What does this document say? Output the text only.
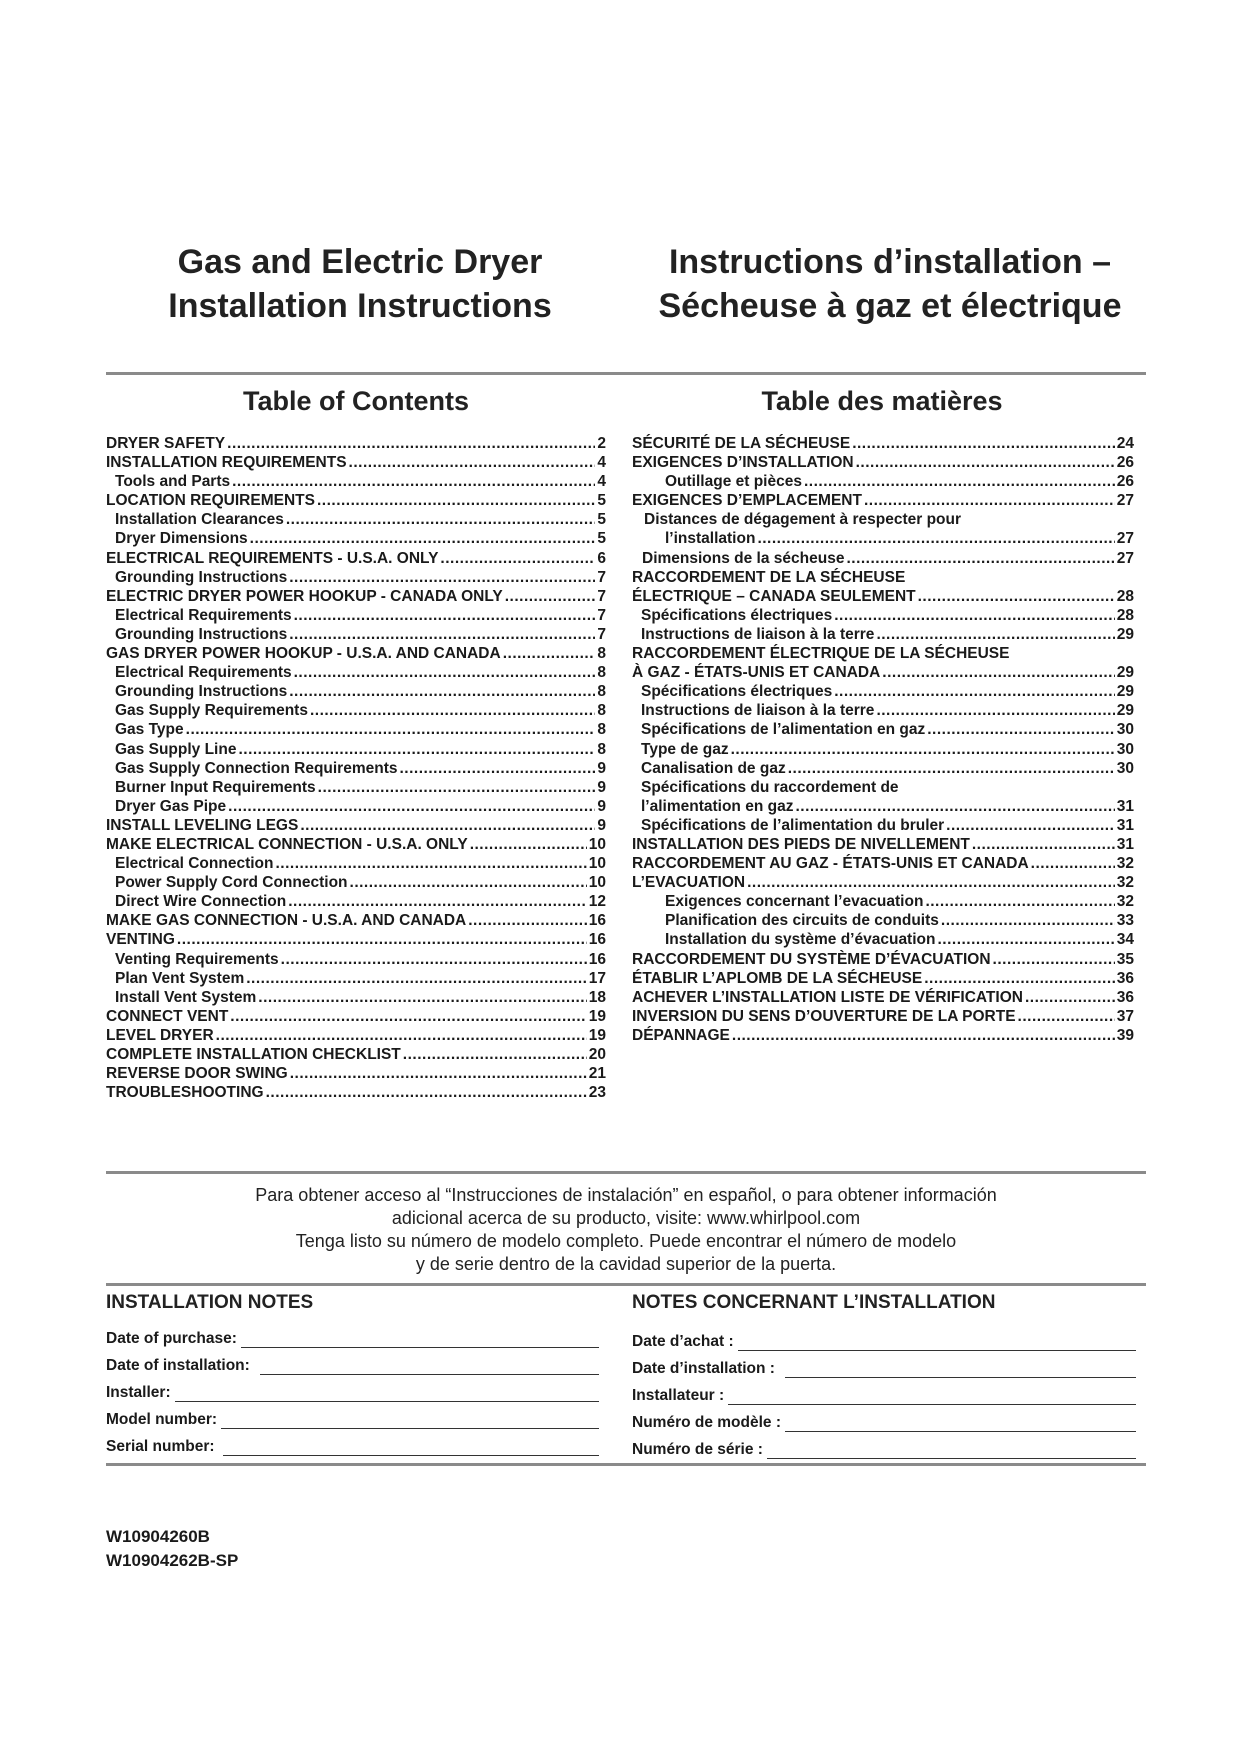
Gas and Electric Dryer
Installation Instructions
Instructions d’installation –
Sécheuse à gaz et électrique
Table of Contents	Table des matières
DRYER SAFETY .....	2
INSTALLATION REQUIREMENTS .....	4
Tools and Parts .....	4
LOCATION REQUIREMENTS .....	5
Installation Clearances .....	5
Dryer Dimensions .....	5
ELECTRICAL REQUIREMENTS - U.S.A. ONLY .....	6
Grounding Instructions .....	7
ELECTRIC DRYER POWER HOOKUP - CANADA ONLY .....	7
Electrical Requirements .....	7
Grounding Instructions .....	7
GAS DRYER POWER HOOKUP - U.S.A. AND CANADA .....	8
Electrical Requirements .....	8
Grounding Instructions .....	8
Gas Supply Requirements .....	8
Gas Type .....	8
Gas Supply Line .....	8
Gas Supply Connection Requirements .....	9
Burner Input Requirements .....	9
Dryer Gas Pipe .....	9
INSTALL LEVELING LEGS .....	9
MAKE ELECTRICAL CONNECTION - U.S.A. ONLY .....	10
Electrical Connection .....	10
Power Supply Cord Connection .....	10
Direct Wire Connection .....	12
MAKE GAS CONNECTION - U.S.A. AND CANADA .....	16
VENTING .....	16
Venting Requirements .....	16
Plan Vent System .....	17
Install Vent System .....	18
CONNECT VENT .....	19
LEVEL DRYER .....	19
COMPLETE INSTALLATION CHECKLIST .....	20
REVERSE DOOR SWING .....	21
TROUBLESHOOTING .....	23
SÉCURITÉ DE LA SÉCHEUSE .....	24
EXIGENCES D’INSTALLATION .....	26
Outillage et pièces .....	26
EXIGENCES D’EMPLACEMENT .....	27
Distances de dégagement à respecter pour
l’installation .....	27
Dimensions de la sécheuse .....	27
RACCORDEMENT DE LA SÉCHEUSE
ÉLECTRIQUE – CANADA SEULEMENT .....	28
Spécifications électriques .....	28
Instructions de liaison à la terre .....	29
RACCORDEMENT ÉLECTRIQUE DE LA SÉCHEUSE
À GAZ - ÉTATS-UNIS ET CANADA .....	29
Spécifications électriques .....	29
Instructions de liaison à la terre .....	29
Spécifications de l’alimentation en gaz .....	30
Type de gaz .....	30
Canalisation de gaz .....	30
Spécifications du raccordement de
l’alimentation en gaz .....	31
Spécifications de l’alimentation du bruler .....	31
INSTALLATION DES PIEDS DE NIVELLEMENT .....	31
RACCORDEMENT AU GAZ - ÉTATS-UNIS ET CANADA .....	32
L’EVACUATION .....	32
Exigences concernant l’evacuation .....	32
Planification des circuits de conduits .....	33
Installation du système d’évacuation .....	34
RACCORDEMENT DU SYSTÈME D’ÉVACUATION .....	35
ÉTABLIR L’APLOMB DE LA SÉCHEUSE .....	36
ACHEVER L’INSTALLATION LISTE DE VÉRIFICATION .....	36
INVERSION DU SENS D’OUVERTURE DE LA PORTE .....	37
DÉPANNAGE .....	39
Para obtener acceso al “Instrucciones de instalación” en español, o para obtener información
adicional acerca de su producto, visite: www.whirlpool.com
Tenga listo su número de modelo completo. Puede encontrar el número de modelo
y de serie dentro de la cavidad superior de la puerta.
INSTALLATION NOTES	NOTES CONCERNANT L’INSTALLATION
Date of purchase:
Date of installation:
Installer:
Model number:
Serial number:
Date d’achat :
Date d’installation :
Installateur :
Numéro de modèle :
Numéro de série :
W10904260B
W10904262B-SP
